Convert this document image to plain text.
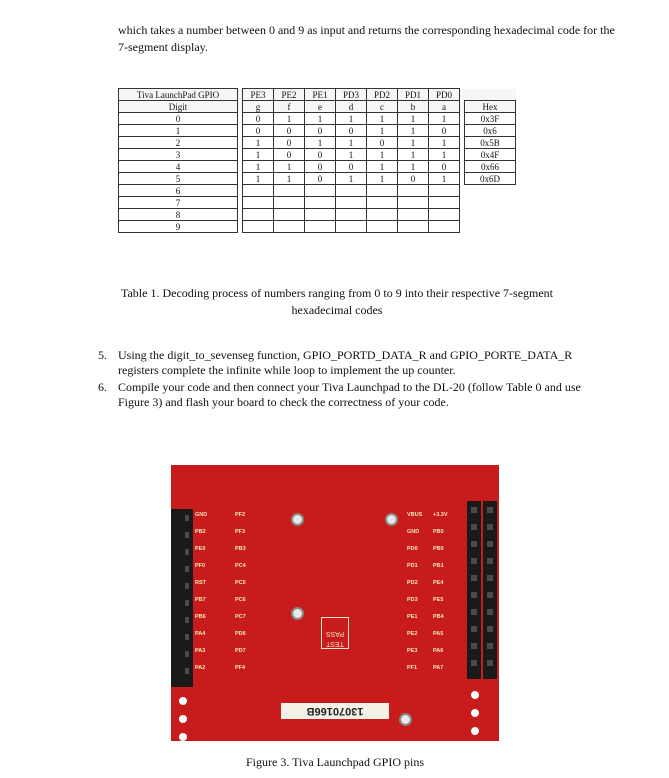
which takes a number between 0 and 9 as input and returns the corresponding hexadecimal code for the 7-segment display.
Tiva LaunchPad GPIO		PE3	PE2	PE1	PD3	PD2	PD1	PD0		
Digit		g	f	e	d	c	b	a		Hex
0		0	1	1	1	1	1	1		0x3F
1		0	0	0	0	1	1	0		0x6
2		1	0	1	1	0	1	1		0x5B
3		1	0	0	1	1	1	1		0x4F
4		1	1	0	0	1	1	0		0x66
5		1	1	0	1	1	0	1		0x6D
6										
7										
8										
9										
Table 1. Decoding process of numbers ranging from 0 to 9 into their respective 7-segment hexadecimal codes
5. Using the digit_to_sevenseg function, GPIO_PORTD_DATA_R and GPIO_PORTE_DATA_R registers complete the infinite while loop to implement the up counter.
6. Compile your code and then connect your Tiva Launchpad to the DL-20 (follow Table 0 and use Figure 3) and flash your board to check the correctness of your code.
TEST PASS
13070166B
GND
PB2
PE0
PF0
RST
PB7
PB6
PA4
PA3
PA2
PF2
PF3
PB3
PC4
PC5
PC6
PC7
PD6
PD7
PF4
VBUS
GND
PD0
PD1
PD2
PD3
PE1
PE2
PE3
PF1
+3.3V
PB5
PB0
PB1
PE4
PE5
PB4
PA5
PA6
PA7
Figure 3. Tiva Launchpad GPIO pins
